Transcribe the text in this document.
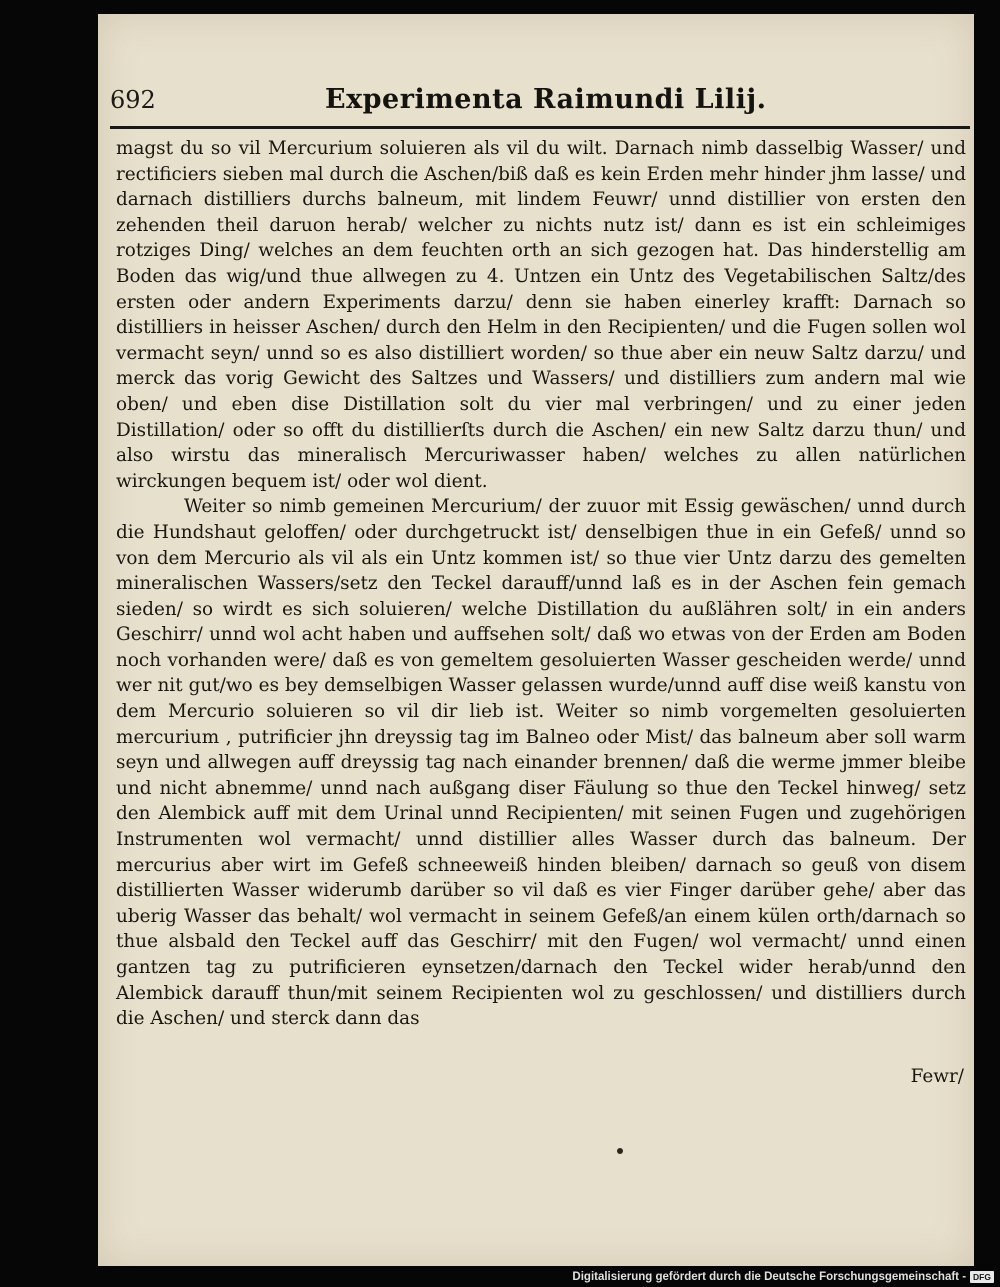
692	Experimenta Raimundi Lilij.

magst du so vil Mercurium soluieren als vil du wilt. Darnach nimb dasselbig Wasser/ und rectificiers sieben mal durch die Aschen/biß daß es kein Erden mehr hinder jhm lasse/ und darnach distilliers durchs balneum, mit lindem Feuwr/ unnd distillier von ersten den zehenden theil daruon herab/ welcher zu nichts nutz ist/ dann es ist ein schleimiges rotziges Ding/ welches an dem feuchten orth an sich gezogen hat. Das hinderstellig am Boden das wig/und thue allwegen zu 4. Untzen ein Untz des Vegetabilischen Saltz/des ersten oder andern Experiments darzu/ denn sie haben einerley krafft: Darnach so distilliers in heisser Aschen/ durch den Helm in den Recipienten/ und die Fugen sollen wol vermacht seyn/ unnd so es also distilliert worden/ so thue aber ein neuw Saltz darzu/ und merck das vorig Gewicht des Saltzes und Wassers/ und distilliers zum andern mal wie oben/ und eben dise Distillation solt du vier mal verbringen/ und zu einer jeden Distillation/ oder so offt du distillierſts durch die Aschen/ ein new Saltz darzu thun/ und also wirstu das mineralisch Mercuriwasser haben/ welches zu allen natürlichen wirckungen bequem ist/ oder wol dient.

Weiter so nimb gemeinen Mercurium/ der zuuor mit Essig gewäschen/ unnd durch die Hundshaut geloffen/ oder durchgetruckt ist/ denselbigen thue in ein Gefeß/ unnd so von dem Mercurio als vil als ein Untz kommen ist/ so thue vier Untz darzu des gemelten mineralischen Wassers/setz den Teckel darauff/unnd laß es in der Aschen fein gemach sieden/ so wirdt es sich soluieren/ welche Distillation du außlähren solt/ in ein anders Geschirr/ unnd wol acht haben und auffsehen solt/ daß wo etwas von der Erden am Boden noch vorhanden were/ daß es von gemeltem gesoluierten Wasser gescheiden werde/ unnd wer nit gut/wo es bey demselbigen Wasser gelassen wurde/unnd auff dise weiß kanstu von dem Mercurio soluieren so vil dir lieb ist. Weiter so nimb vorgemelten gesoluierten mercurium , putrificier jhn dreyssig tag im Balneo oder Mist/ das balneum aber soll warm seyn und allwegen auff dreyssig tag nach einander brennen/ daß die werme jmmer bleibe und nicht abnemme/ unnd nach außgang diser Fäulung so thue den Teckel hinweg/ setz den Alembick auff mit dem Urinal unnd Recipienten/ mit seinen Fugen und zugehörigen Instrumenten wol vermacht/ unnd distillier alles Wasser durch das balneum. Der mercurius aber wirt im Gefeß schneeweiß hinden bleiben/ darnach so geuß von disem distillierten Wasser widerumb darüber so vil daß es vier Finger darüber gehe/ aber das uberig Wasser das behalt/ wol vermacht in seinem Gefeß/an einem külen orth/darnach so thue alsbald den Teckel auff das Geschirr/ mit den Fugen/ wol vermacht/ unnd einen gantzen tag zu putrificieren eynsetzen/darnach den Teckel wider herab/unnd den Alembick darauff thun/mit seinem Recipienten wol zu geschlossen/ und distilliers durch die Aschen/ und sterck dann das

Fewr/
Digitalisierung gefördert durch die Deutsche Forschungsgemeinschaft - DFG
